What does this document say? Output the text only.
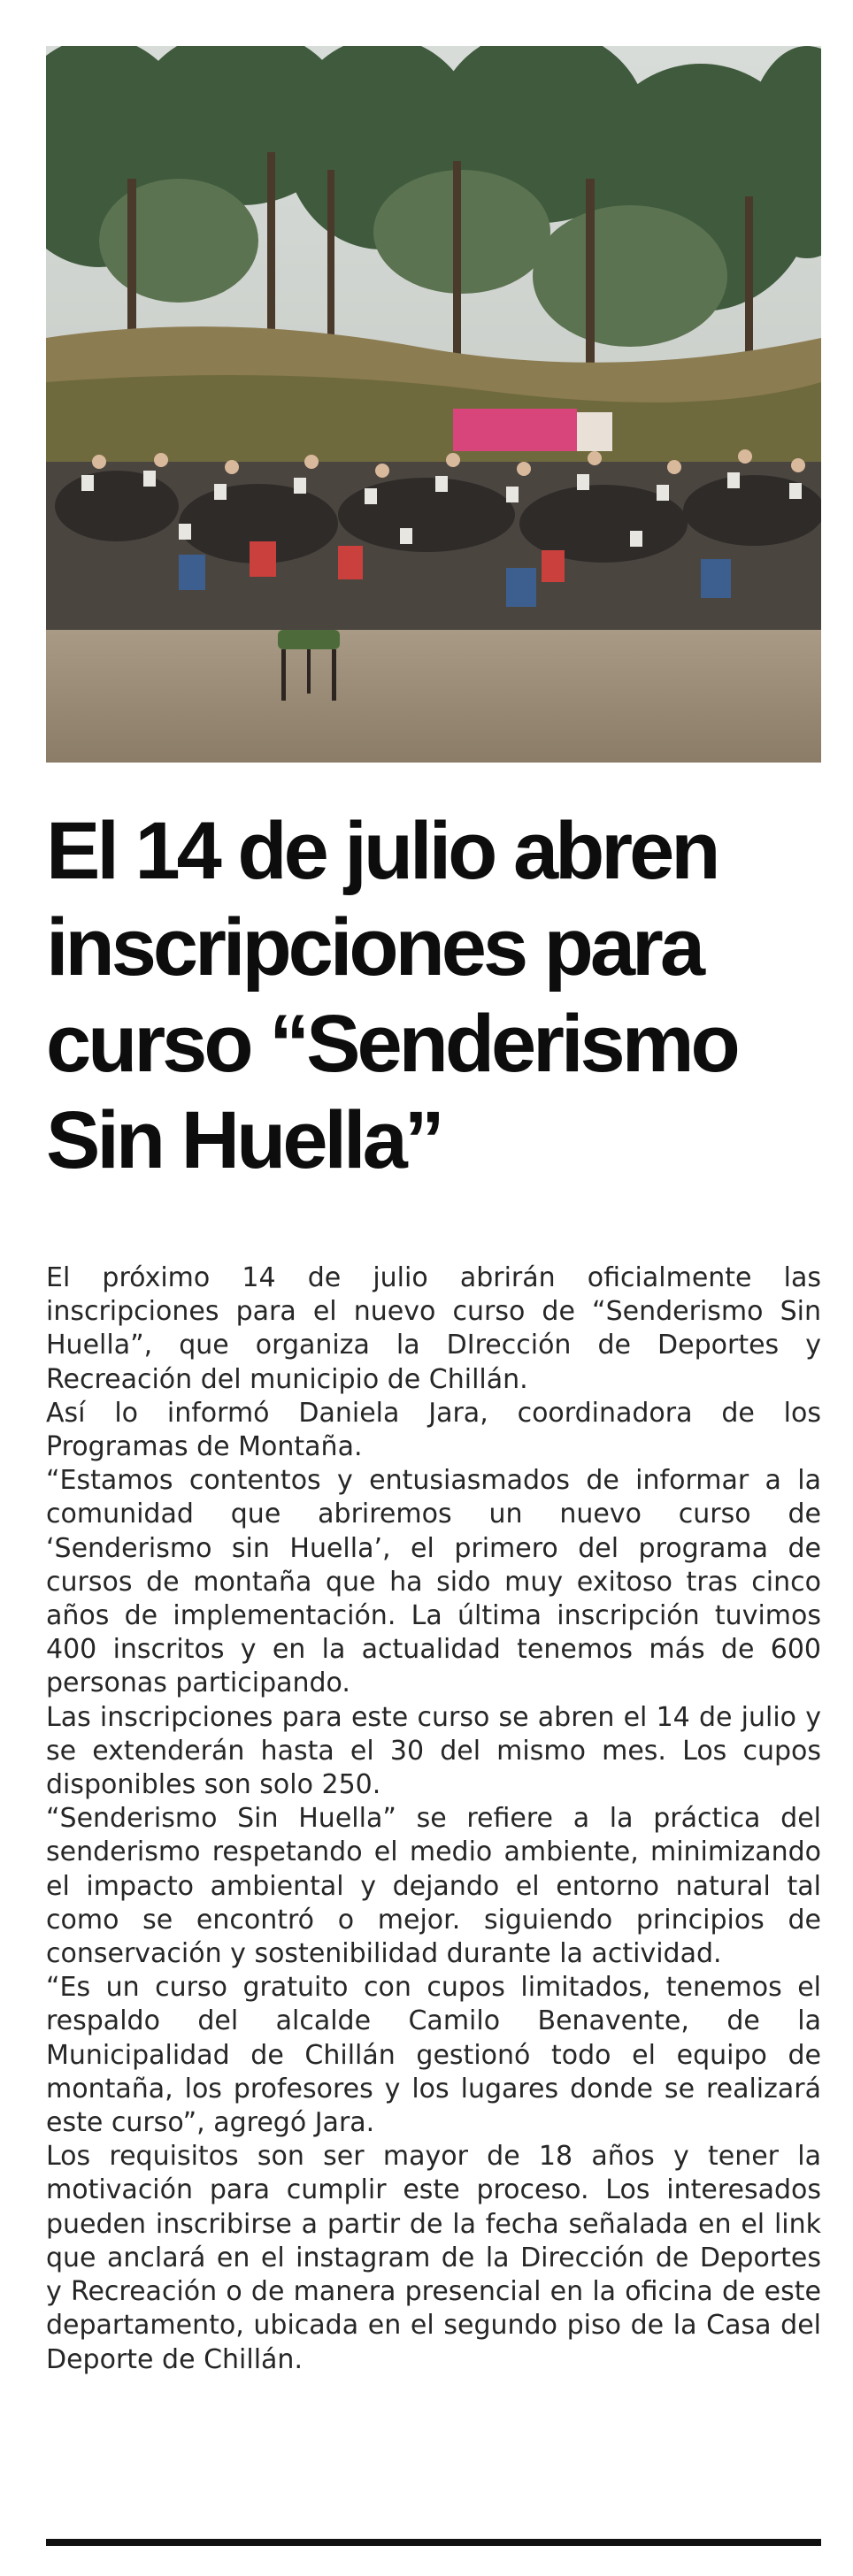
El 14 de julio abren inscripciones para curso “Senderismo Sin Huella”

El próximo 14 de julio abrirán oficialmente las inscripciones para el nuevo curso de “Senderismo Sin Huella”, que organiza la DIrección de Deportes y Recreación del municipio de Chillán.

Así lo informó Daniela Jara, coordinadora de los Programas de Montaña.

“Estamos contentos y entusiasmados de informar a la comunidad que abriremos un nuevo curso de ‘Senderismo sin Huella’, el primero del programa de cursos de montaña que ha sido muy exitoso tras cinco años de implementación. La última inscripción tuvimos 400 inscritos y en la actualidad tenemos más de 600 personas participando.

Las inscripciones para este curso se abren el 14 de julio y se extenderán hasta el 30 del mismo mes. Los cupos disponibles son solo 250.

“Senderismo Sin Huella” se refiere a la práctica del senderismo respetando el medio ambiente, minimizando el impacto ambiental y dejando el entorno natural tal como se encontró o mejor. siguiendo principios de conservación y sostenibilidad durante la actividad.

“Es un curso gratuito con cupos limitados, tenemos el respaldo del alcalde Camilo Benavente, de la Municipalidad de Chillán gestionó todo el equipo de montaña, los profesores y los lugares donde se realizará este curso”, agregó Jara.

Los requisitos son ser mayor de 18 años y tener la motivación para cumplir este proceso. Los interesados pueden inscribirse a partir de la fecha señalada en el link que anclará en el instagram de la Dirección de Deportes y Recreación o de manera presencial en la oficina de este departamento, ubicada en el segundo piso de la Casa del Deporte de Chillán.
